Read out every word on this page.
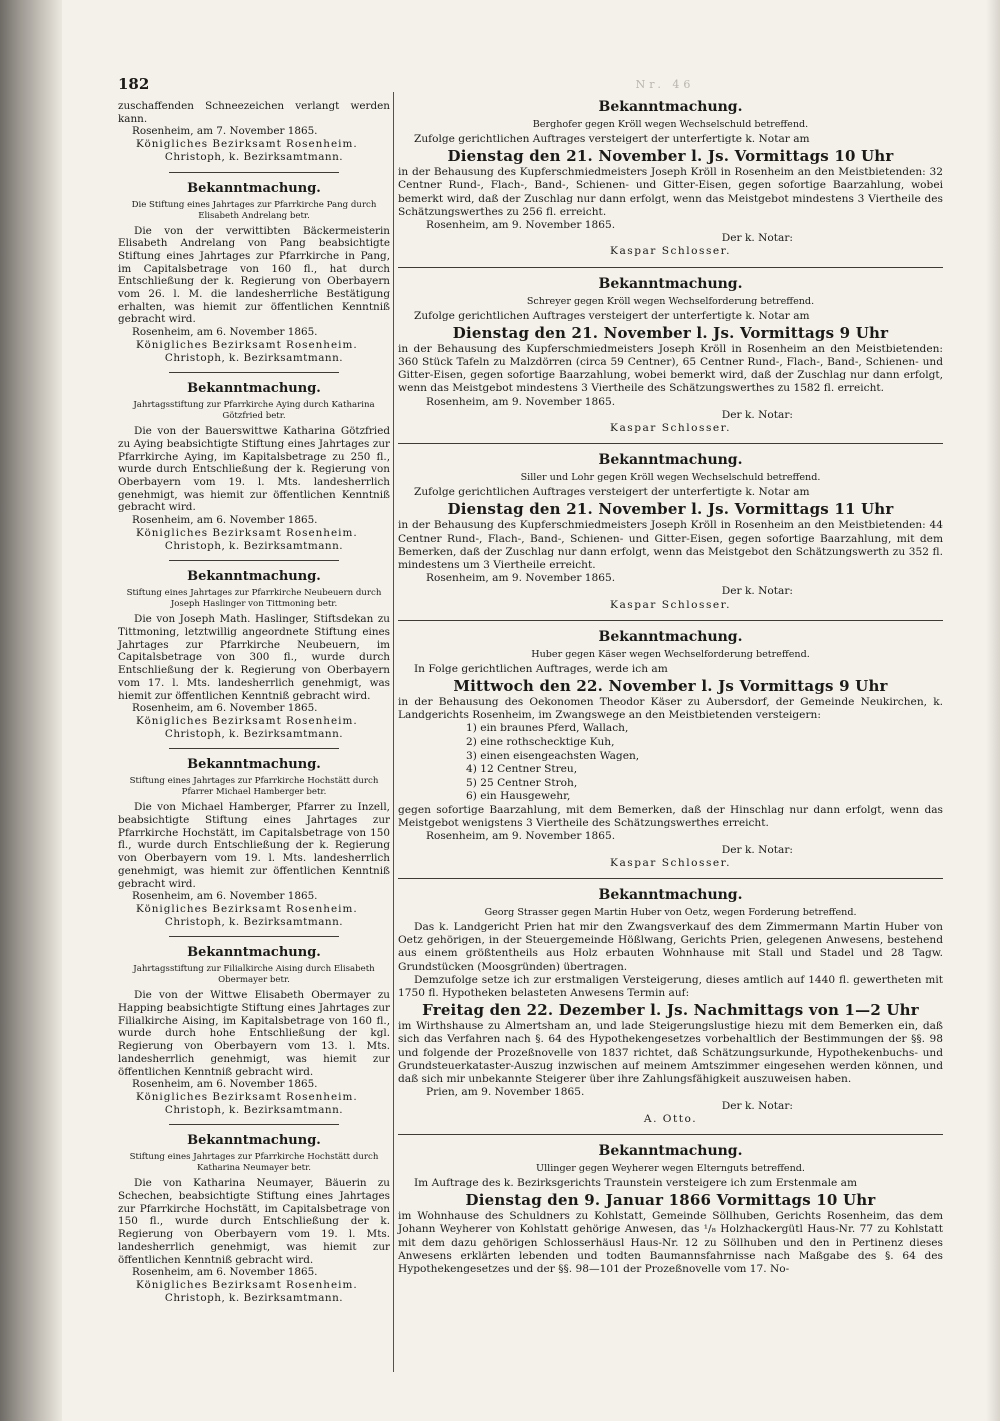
182	Nr. 46
zuschaffenden Schneezeichen verlangt werden kann.
Rosenheim, am 7. November 1865.
Königliches Bezirksamt Rosenheim.
Christoph, k. Bezirksamtmann.
Bekanntmachung.
Die Stiftung eines Jahrtages zur Pfarrkirche Pang durch Elisabeth Andrelang betr.
Die von der verwittibten Bäckermeisterin Elisabeth Andrelang von Pang beabsichtigte Stiftung eines Jahrtages zur Pfarrkirche in Pang, im Capitalsbetrage von 160 fl., hat durch Entschließung der k. Regierung von Oberbayern vom 26. l. M. die landesherrliche Bestätigung erhalten, was hiemit zur öffentlichen Kenntniß gebracht wird.
Rosenheim, am 6. November 1865.
Königliches Bezirksamt Rosenheim.
Christoph, k. Bezirksamtmann.
Bekanntmachung.
Jahrtagsstiftung zur Pfarrkirche Aying durch Katharina Götzfried betr.
Die von der Bauerswittwe Katharina Götzfried zu Aying beabsichtigte Stiftung eines Jahrtages zur Pfarrkirche Aying, im Kapitalsbetrage zu 250 fl., wurde durch Entschließung der k. Regierung von Oberbayern vom 19. l. Mts. landesherrlich genehmigt, was hiemit zur öffentlichen Kenntniß gebracht wird.
Rosenheim, am 6. November 1865.
Königliches Bezirksamt Rosenheim.
Christoph, k. Bezirksamtmann.
Bekanntmachung.
Stiftung eines Jahrtages zur Pfarrkirche Neubeuern durch Joseph Haslinger von Tittmoning betr.
Die von Joseph Math. Haslinger, Stiftsdekan zu Tittmoning, letztwillig angeordnete Stiftung eines Jahrtages zur Pfarrkirche Neubeuern, im Capitalsbetrage von 300 fl., wurde durch Entschließung der k. Regierung von Oberbayern vom 17. l. Mts. landesherrlich genehmigt, was hiemit zur öffentlichen Kenntniß gebracht wird.
Rosenheim, am 6. November 1865.
Königliches Bezirksamt Rosenheim.
Christoph, k. Bezirksamtmann.
Bekanntmachung.
Stiftung eines Jahrtages zur Pfarrkirche Hochstätt durch Pfarrer Michael Hamberger betr.
Die von Michael Hamberger, Pfarrer zu Inzell, beabsichtigte Stiftung eines Jahrtages zur Pfarrkirche Hochstätt, im Capitalsbetrage von 150 fl., wurde durch Entschließung der k. Regierung von Oberbayern vom 19. l. Mts. landesherrlich genehmigt, was hiemit zur öffentlichen Kenntniß gebracht wird.
Rosenheim, am 6. November 1865.
Königliches Bezirksamt Rosenheim.
Christoph, k. Bezirksamtmann.
Bekanntmachung.
Jahrtagsstiftung zur Filialkirche Aising durch Elisabeth Obermayer betr.
Die von der Wittwe Elisabeth Obermayer zu Happing beabsichtigte Stiftung eines Jahrtages zur Filialkirche Aising, im Kapitalsbetrage von 160 fl., wurde durch hohe Entschließung der kgl. Regierung von Oberbayern vom 13. l. Mts. landesherrlich genehmigt, was hiemit zur öffentlichen Kenntniß gebracht wird.
Rosenheim, am 6. November 1865.
Königliches Bezirksamt Rosenheim.
Christoph, k. Bezirksamtmann.
Bekanntmachung.
Stiftung eines Jahrtages zur Pfarrkirche Hochstätt durch Katharina Neumayer betr.
Die von Katharina Neumayer, Bäuerin zu Schechen, beabsichtigte Stiftung eines Jahrtages zur Pfarrkirche Hochstätt, im Capitalsbetrage von 150 fl., wurde durch Entschließung der k. Regierung von Oberbayern vom 19. l. Mts. landesherrlich genehmigt, was hiemit zur öffentlichen Kenntniß gebracht wird.
Rosenheim, am 6. November 1865.
Königliches Bezirksamt Rosenheim.
Christoph, k. Bezirksamtmann.
Bekanntmachung.
Berghofer gegen Kröll wegen Wechselschuld betreffend.
Zufolge gerichtlichen Auftrages versteigert der unterfertigte k. Notar am
Dienstag den 21. November l. Js. Vormittags 10 Uhr
in der Behausung des Kupferschmiedmeisters Joseph Kröll in Rosenheim an den Meistbietenden: 32 Centner Rund-, Flach-, Band-, Schienen- und Gitter-Eisen, gegen sofortige Baarzahlung, wobei bemerkt wird, daß der Zuschlag nur dann erfolgt, wenn das Meistgebot mindestens 3 Viertheile des Schätzungswerthes zu 256 fl. erreicht.
Rosenheim, am 9. November 1865.
Der k. Notar:
Kaspar Schlosser.
Bekanntmachung.
Schreyer gegen Kröll wegen Wechselforderung betreffend.
Zufolge gerichtlichen Auftrages versteigert der unterfertigte k. Notar am
Dienstag den 21. November l. Js. Vormittags 9 Uhr
in der Behausung des Kupferschmiedmeisters Joseph Kröll in Rosenheim an den Meistbietenden: 360 Stück Tafeln zu Malzdörren (circa 59 Centner), 65 Centner Rund-, Flach-, Band-, Schienen- und Gitter-Eisen, gegen sofortige Baarzahlung, wobei bemerkt wird, daß der Zuschlag nur dann erfolgt, wenn das Meistgebot mindestens 3 Viertheile des Schätzungswerthes zu 1582 fl. erreicht.
Rosenheim, am 9. November 1865.
Der k. Notar:
Kaspar Schlosser.
Bekanntmachung.
Siller und Lohr gegen Kröll wegen Wechselschuld betreffend.
Zufolge gerichtlichen Auftrages versteigert der unterfertigte k. Notar am
Dienstag den 21. November l. Js. Vormittags 11 Uhr
in der Behausung des Kupferschmiedmeisters Joseph Kröll in Rosenheim an den Meistbietenden: 44 Centner Rund-, Flach-, Band-, Schienen- und Gitter-Eisen, gegen sofortige Baarzahlung, mit dem Bemerken, daß der Zuschlag nur dann erfolgt, wenn das Meistgebot den Schätzungswerth zu 352 fl. mindestens um 3 Viertheile erreicht.
Rosenheim, am 9. November 1865.
Der k. Notar:
Kaspar Schlosser.
Bekanntmachung.
Huber gegen Käser wegen Wechselforderung betreffend.
In Folge gerichtlichen Auftrages, werde ich am
Mittwoch den 22. November l. Js Vormittags 9 Uhr
in der Behausung des Oekonomen Theodor Käser zu Aubersdorf, der Gemeinde Neukirchen, k. Landgerichts Rosenheim, im Zwangswege an den Meistbietenden versteigern:
1) ein braunes Pferd, Wallach,
2) eine rothschecktige Kuh,
3) einen eisengeachsten Wagen,
4) 12 Centner Streu,
5) 25 Centner Stroh,
6) ein Hausgewehr,
gegen sofortige Baarzahlung, mit dem Bemerken, daß der Hinschlag nur dann erfolgt, wenn das Meistgebot wenigstens 3 Viertheile des Schätzungswerthes erreicht.
Rosenheim, am 9. November 1865.
Der k. Notar:
Kaspar Schlosser.
Bekanntmachung.
Georg Strasser gegen Martin Huber von Oetz, wegen Forderung betreffend.
Das k. Landgericht Prien hat mir den Zwangsverkauf des dem Zimmermann Martin Huber von Oetz gehörigen, in der Steuergemeinde Hößlwang, Gerichts Prien, gelegenen Anwesens, bestehend aus einem größtentheils aus Holz erbauten Wohnhause mit Stall und Stadel und 28 Tagw. Grundstücken (Moosgründen) übertragen.
Demzufolge setze ich zur erstmaligen Versteigerung, dieses amtlich auf 1440 fl. gewertheten mit 1750 fl. Hypotheken belasteten Anwesens Termin auf:
Freitag den 22. Dezember l. Js. Nachmittags von 1—2 Uhr
im Wirthshause zu Almertsham an, und lade Steigerungslustige hiezu mit dem Bemerken ein, daß sich das Verfahren nach §. 64 des Hypothekengesetzes vorbehaltlich der Bestimmungen der §§. 98 und folgende der Prozeßnovelle von 1837 richtet, daß Schätzungsurkunde, Hypothekenbuchs- und Grundsteuerkataster-Auszug inzwischen auf meinem Amtszimmer eingesehen werden können, und daß sich mir unbekannte Steigerer über ihre Zahlungsfähigkeit auszuweisen haben.
Prien, am 9. November 1865.
Der k. Notar:
A. Otto.
Bekanntmachung.
Ullinger gegen Weyherer wegen Elternguts betreffend.
Im Auftrage des k. Bezirksgerichts Traunstein versteigere ich zum Erstenmale am
Dienstag den 9. Januar 1866 Vormittags 10 Uhr
im Wohnhause des Schuldners zu Kohlstatt, Gemeinde Söllhuben, Gerichts Rosenheim, das dem Johann Weyherer von Kohlstatt gehörige Anwesen, das ¹/₈ Holzhackergütl Haus-Nr. 77 zu Kohlstatt mit dem dazu gehörigen Schlosserhäusl Haus-Nr. 12 zu Söllhuben und den in Pertinenz dieses Anwesens erklärten lebenden und todten Baumannsfahrnisse nach Maßgabe des §. 64 des Hypothekengesetzes und der §§. 98—101 der Prozeßnovelle vom 17. No-
